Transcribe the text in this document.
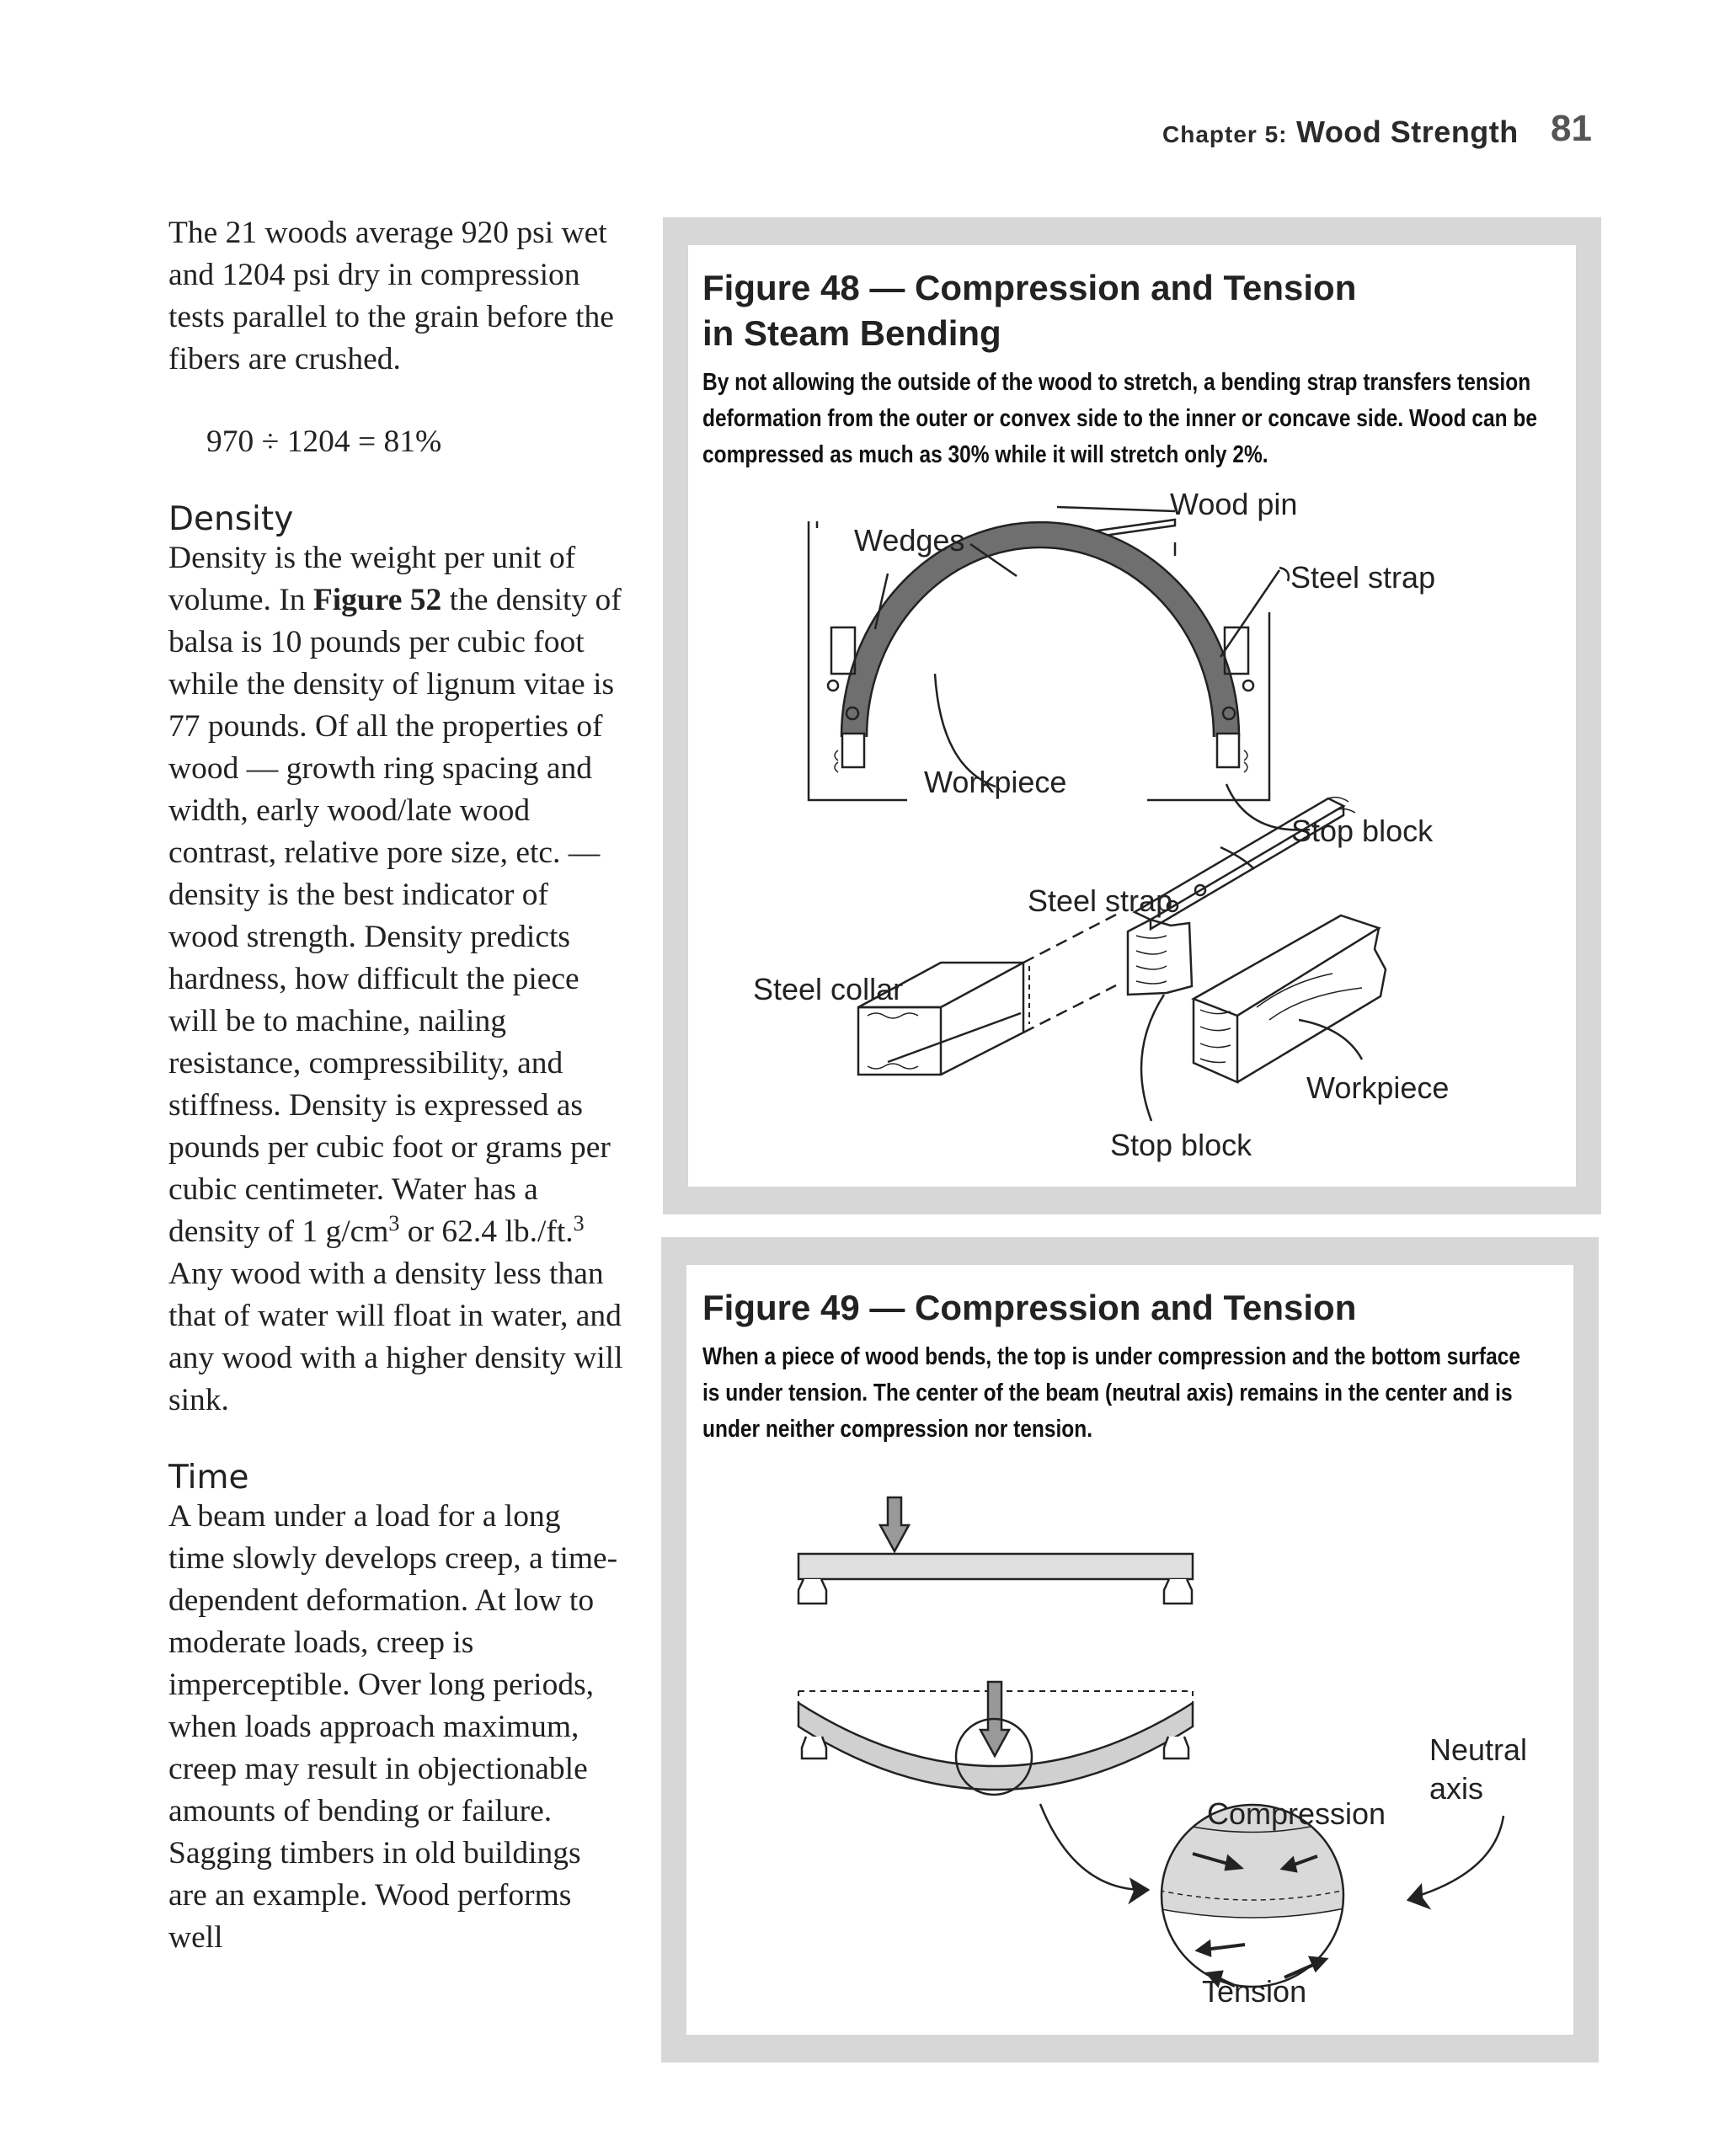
Chapter 5: Wood Strength 81

The 21 woods average 920 psi wet and 1204 psi dry in compression tests parallel to the grain before the fibers are crushed.

970 ÷ 1204 = 81%

Density

Density is the weight per unit of volume. In Figure 52 the density of balsa is 10 pounds per cubic foot while the density of lignum vitae is 77 pounds. Of all the properties of wood — growth ring spacing and width, early wood/late wood contrast, relative pore size, etc. — density is the best indicator of wood strength. Density predicts hardness, how difficult the piece will be to machine, nailing resistance, compressibility, and stiffness. Density is expressed as pounds per cubic foot or grams per cubic centimeter. Water has a density of 1 $g/cm^3$ or 62.4 lb./ft.$^3$ Any wood with a density less than that of water will float in water, and any wood with a higher density will sink.

Time

A beam under a load for a long time slowly develops creep, a time-dependent deformation. At low to moderate loads, creep is imperceptible. Over long periods, when loads approach maximum, creep may result in objectionable amounts of bending or failure. Sagging timbers in old buildings are an example. Wood performs well

Figure 48 — Compression and Tension
in Steam Bending

By not allowing the outside of the wood to stretch, a bending strap transfers tension deformation from the outer or convex side to the inner or concave side. Wood can be compressed as much as 30% while it will stretch only 2%.

Wood pin
Wedges
Steel strap
Workpiece
Stop block
Steel strap
Steel collar
Workpiece
Stop block
Figure 49 — Compression and Tension

When a piece of wood bends, the top is under compression and the bottom surface is under tension. The center of the beam (neutral axis) remains in the center and is under neither compression nor tension.

Neutral
axis
Compression
Tension
